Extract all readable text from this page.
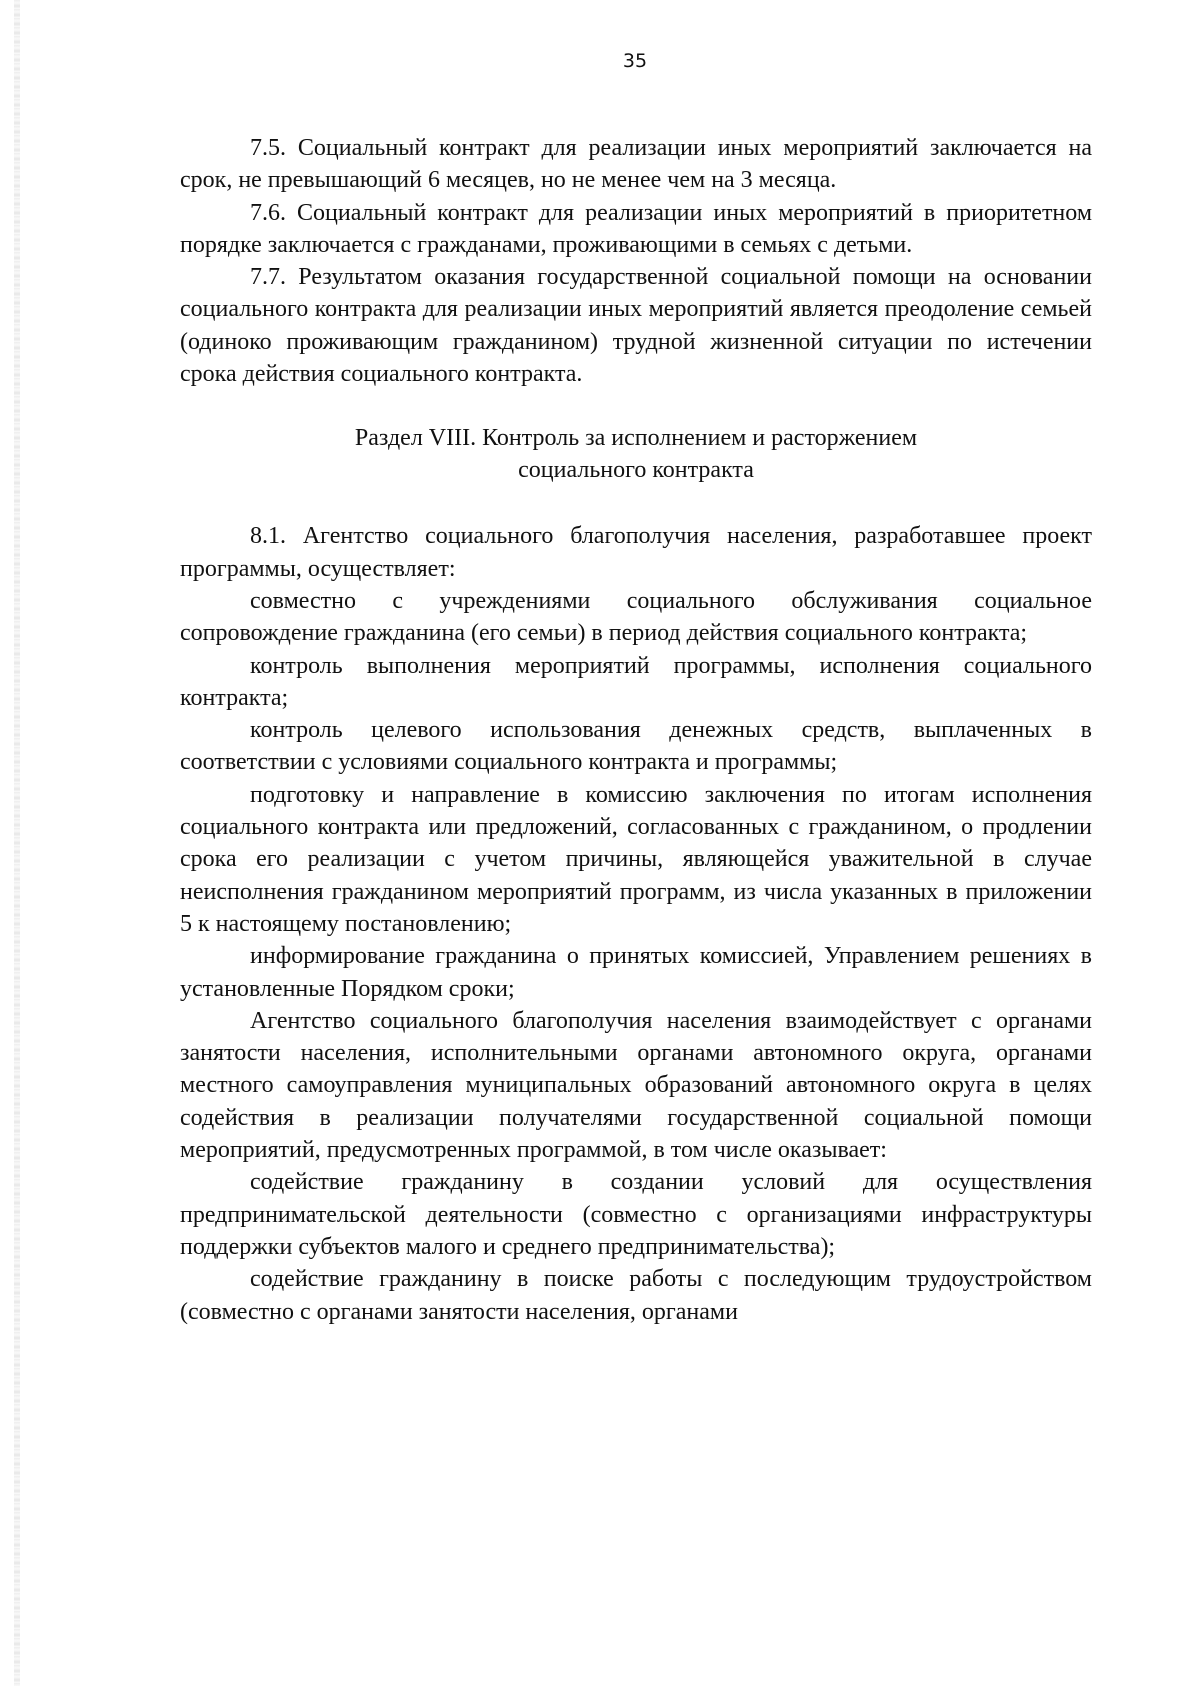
35

7.5. Социальный контракт для реализации иных мероприятий заключается на срок, не превышающий 6 месяцев, но не менее чем на 3 месяца.

7.6. Социальный контракт для реализации иных мероприятий в приоритетном порядке заключается с гражданами, проживающими в семьях с детьми.

7.7. Результатом оказания государственной социальной помощи на основании социального контракта для реализации иных мероприятий является преодоление семьей (одиноко проживающим гражданином) трудной жизненной ситуации по истечении срока действия социального контракта.

Раздел VIII. Контроль за исполнением и расторжением
социального контракта

8.1. Агентство социального благополучия населения, разработавшее проект программы, осуществляет:

совместно с учреждениями социального обслуживания социальное сопровождение гражданина (его семьи) в период действия социального контракта;

контроль выполнения мероприятий программы, исполнения социального контракта;

контроль целевого использования денежных средств, выплаченных в соответствии с условиями социального контракта и программы;

подготовку и направление в комиссию заключения по итогам исполнения социального контракта или предложений, согласованных с гражданином, о продлении срока его реализации с учетом причины, являющейся уважительной в случае неисполнения гражданином мероприятий программ, из числа указанных в приложении 5 к настоящему постановлению;

информирование гражданина о принятых комиссией, Управлением решениях в установленные Порядком сроки;

Агентство социального благополучия населения взаимодействует с органами занятости населения, исполнительными органами автономного округа, органами местного самоуправления муниципальных образований автономного округа в целях содействия в реализации получателями государственной социальной помощи мероприятий, предусмотренных программой, в том числе оказывает:

содействие гражданину в создании условий для осуществления предпринимательской деятельности (совместно с организациями инфраструктуры поддержки субъектов малого и среднего предпринимательства);

содействие гражданину в поиске работы с последующим трудоустройством (совместно с органами занятости населения, органами
